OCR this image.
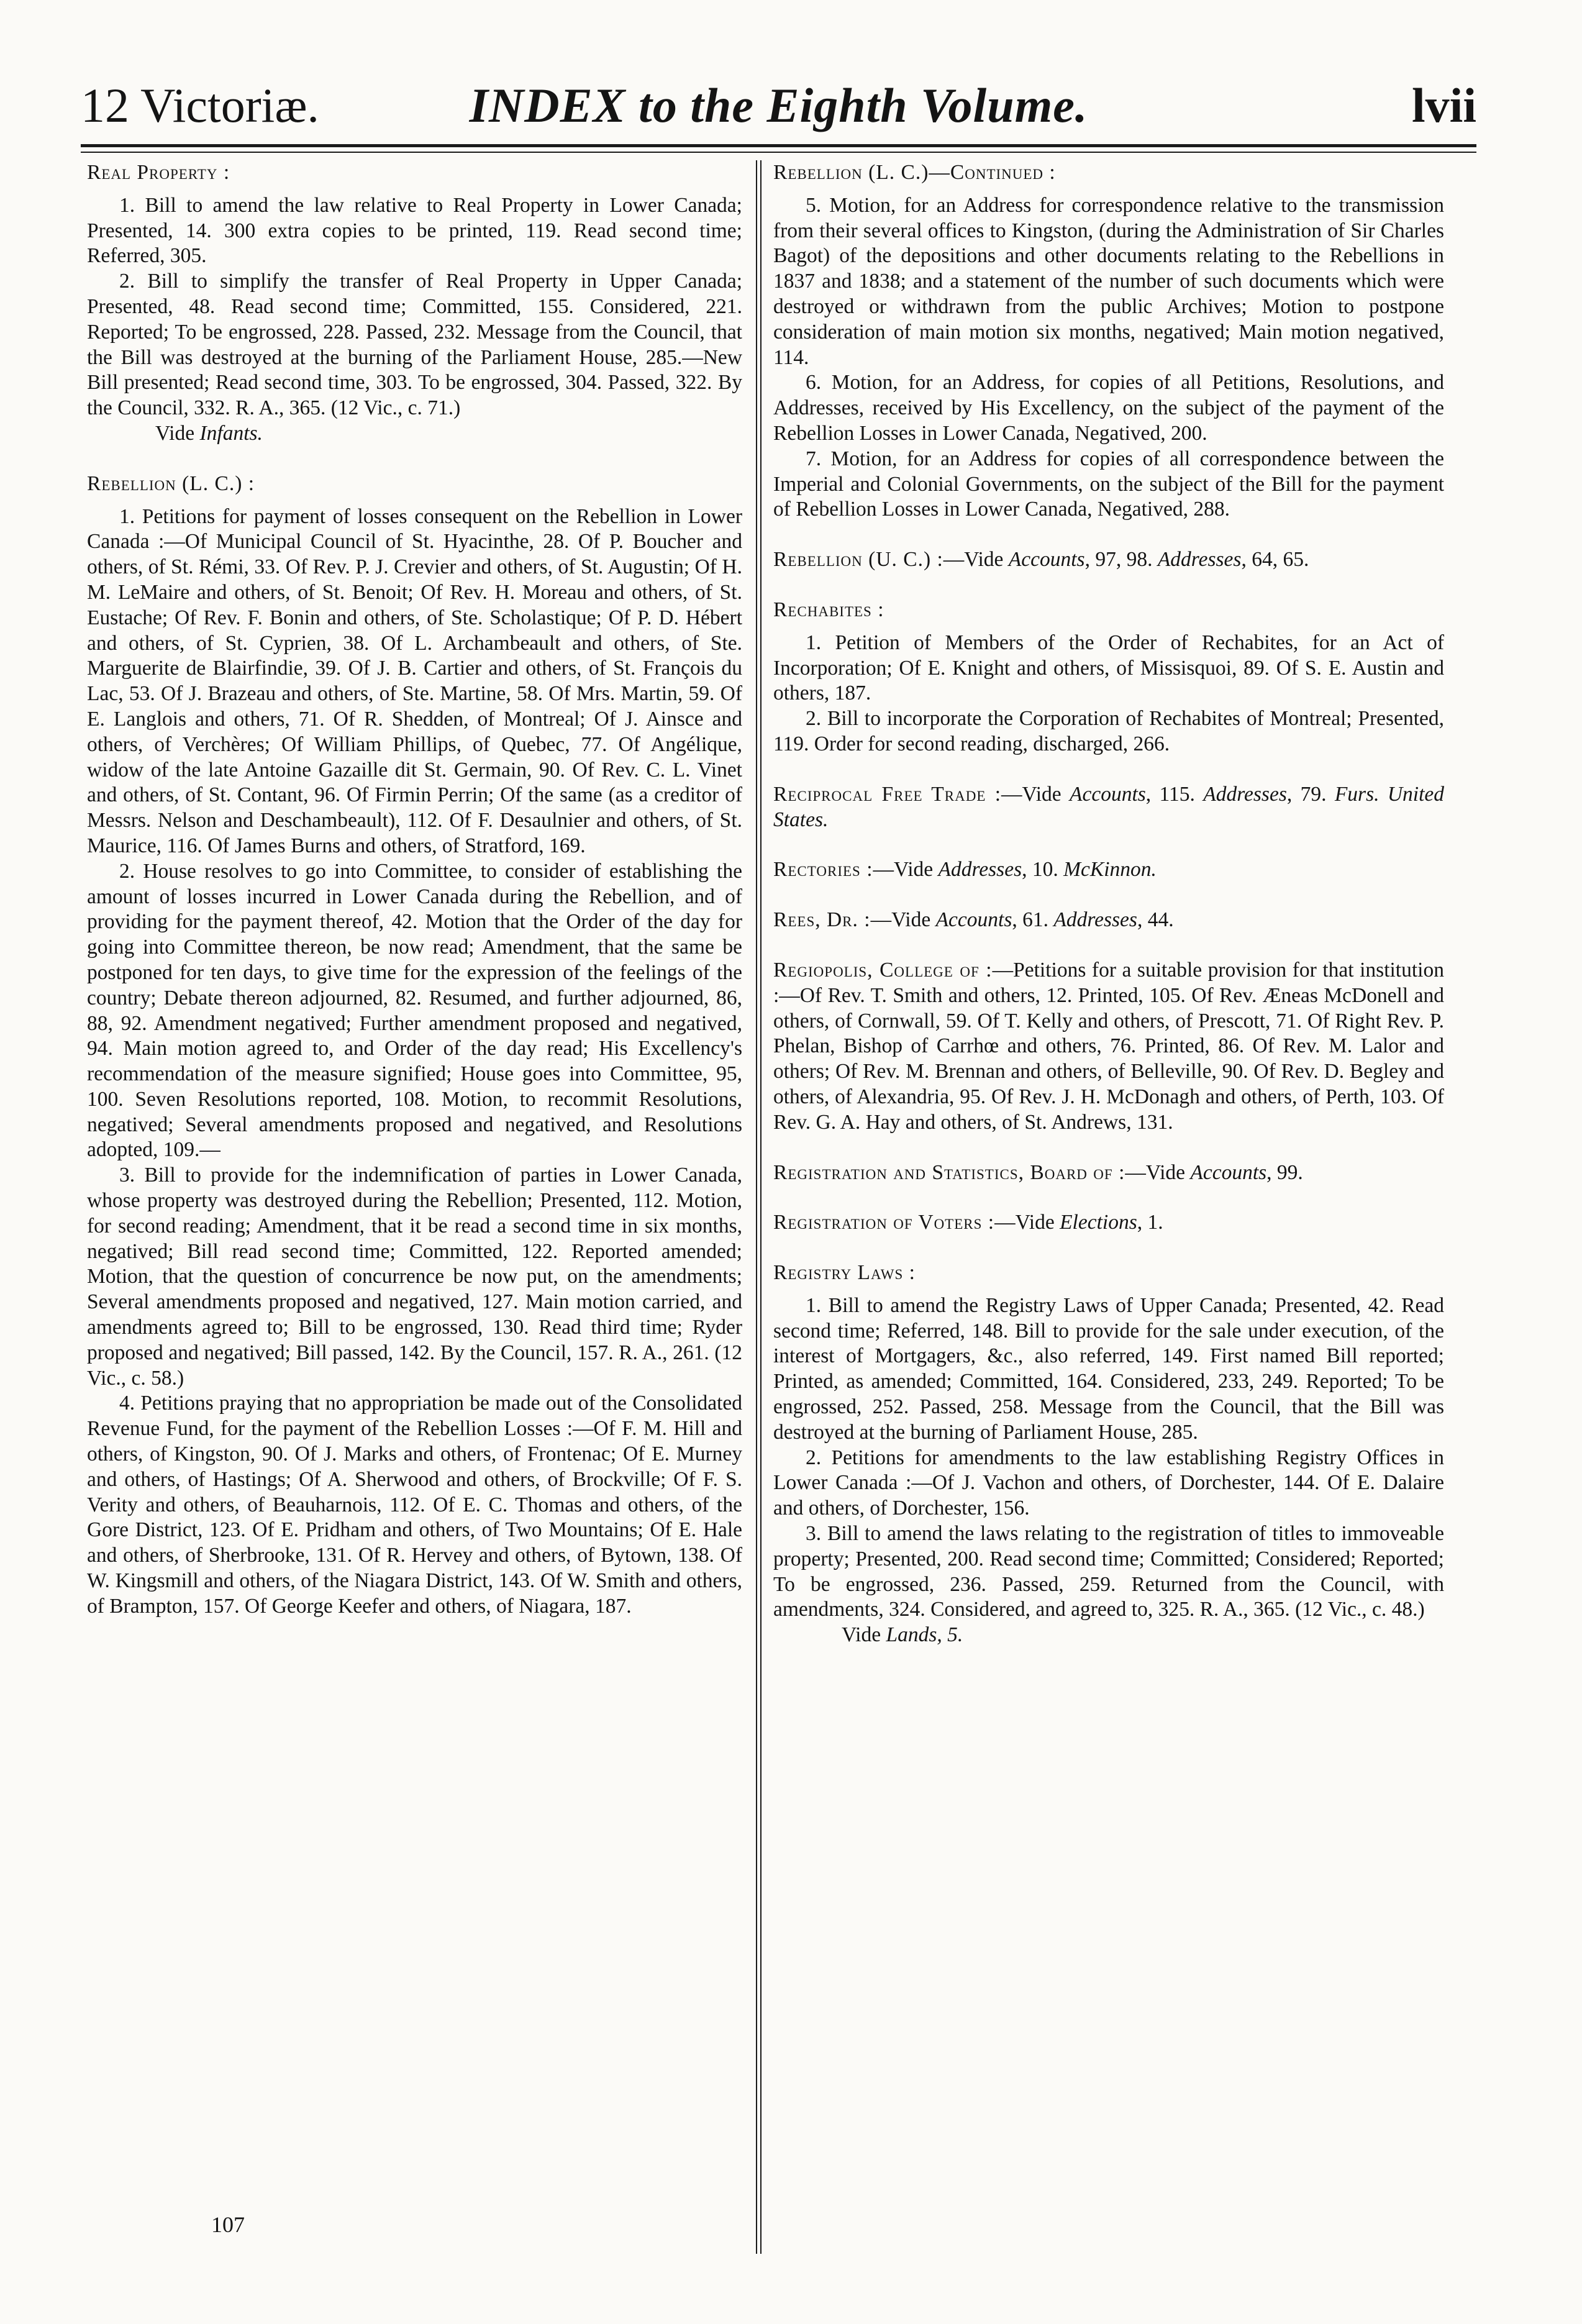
12 Victoriæ.	INDEX to the Eighth Volume.	lvii

Real Property :

1. Bill to amend the law relative to Real Property in Lower Canada; Presented, 14. 300 extra copies to be printed, 119. Read second time; Referred, 305.

2. Bill to simplify the transfer of Real Property in Upper Canada; Presented, 48. Read second time; Committed, 155. Considered, 221. Reported; To be engrossed, 228. Passed, 232. Message from the Council, that the Bill was destroyed at the burning of the Parliament House, 285.—New Bill presented; Read second time, 303. To be engrossed, 304. Passed, 322. By the Council, 332. R. A., 365. (12 Vic., c. 71.)

Vide Infants.

Rebellion (L. C.) :

1. Petitions for payment of losses consequent on the Rebellion in Lower Canada :—Of Municipal Council of St. Hyacinthe, 28. Of P. Boucher and others, of St. Rémi, 33. Of Rev. P. J. Crevier and others, of St. Augustin; Of H. M. LeMaire and others, of St. Benoit; Of Rev. H. Moreau and others, of St. Eustache; Of Rev. F. Bonin and others, of Ste. Scholastique; Of P. D. Hébert and others, of St. Cyprien, 38. Of L. Archambeault and others, of Ste. Marguerite de Blairfindie, 39. Of J. B. Cartier and others, of St. François du Lac, 53. Of J. Brazeau and others, of Ste. Martine, 58. Of Mrs. Martin, 59. Of E. Langlois and others, 71. Of R. Shedden, of Montreal; Of J. Ainsce and others, of Verchères; Of William Phillips, of Quebec, 77. Of Angélique, widow of the late Antoine Gazaille dit St. Germain, 90. Of Rev. C. L. Vinet and others, of St. Contant, 96. Of Firmin Perrin; Of the same (as a creditor of Messrs. Nelson and Deschambeault), 112. Of F. Desaulnier and others, of St. Maurice, 116. Of James Burns and others, of Stratford, 169.

2. House resolves to go into Committee, to consider of establishing the amount of losses incurred in Lower Canada during the Rebellion, and of providing for the payment thereof, 42. Motion that the Order of the day for going into Committee thereon, be now read; Amendment, that the same be postponed for ten days, to give time for the expression of the feelings of the country; Debate thereon adjourned, 82. Resumed, and further adjourned, 86, 88, 92. Amendment negatived; Further amendment proposed and negatived, 94. Main motion agreed to, and Order of the day read; His Excellency's recommendation of the measure signified; House goes into Committee, 95, 100. Seven Resolutions reported, 108. Motion, to recommit Resolutions, negatived; Several amendments proposed and negatived, and Resolutions adopted, 109.—

3. Bill to provide for the indemnification of parties in Lower Canada, whose property was destroyed during the Rebellion; Presented, 112. Motion, for second reading; Amendment, that it be read a second time in six months, negatived; Bill read second time; Committed, 122. Reported amended; Motion, that the question of concurrence be now put, on the amendments; Several amendments proposed and negatived, 127. Main motion carried, and amendments agreed to; Bill to be engrossed, 130. Read third time; Ryder proposed and negatived; Bill passed, 142. By the Council, 157. R. A., 261. (12 Vic., c. 58.)

4. Petitions praying that no appropriation be made out of the Consolidated Revenue Fund, for the payment of the Rebellion Losses :—Of F. M. Hill and others, of Kingston, 90. Of J. Marks and others, of Frontenac; Of E. Murney and others, of Hastings; Of A. Sherwood and others, of Brockville; Of F. S. Verity and others, of Beauharnois, 112. Of E. C. Thomas and others, of the Gore District, 123. Of E. Pridham and others, of Two Mountains; Of E. Hale and others, of Sherbrooke, 131. Of R. Hervey and others, of Bytown, 138. Of W. Kingsmill and others, of the Niagara District, 143. Of W. Smith and others, of Brampton, 157. Of George Keefer and others, of Niagara, 187.

107

Rebellion (L. C.)—Continued :

5. Motion, for an Address for correspondence relative to the transmission from their several offices to Kingston, (during the Administration of Sir Charles Bagot) of the depositions and other documents relating to the Rebellions in 1837 and 1838; and a statement of the number of such documents which were destroyed or withdrawn from the public Archives; Motion to postpone consideration of main motion six months, negatived; Main motion negatived, 114.

6. Motion, for an Address, for copies of all Petitions, Resolutions, and Addresses, received by His Excellency, on the subject of the payment of the Rebellion Losses in Lower Canada, Negatived, 200.

7. Motion, for an Address for copies of all correspondence between the Imperial and Colonial Governments, on the subject of the Bill for the payment of Rebellion Losses in Lower Canada, Negatived, 288.

Rebellion (U. C.) :—Vide Accounts, 97, 98. Addresses, 64, 65.

Rechabites :

1. Petition of Members of the Order of Rechabites, for an Act of Incorporation; Of E. Knight and others, of Missisquoi, 89. Of S. E. Austin and others, 187.

2. Bill to incorporate the Corporation of Rechabites of Montreal; Presented, 119. Order for second reading, discharged, 266.

Reciprocal Free Trade :—Vide Accounts, 115. Addresses, 79. Furs. United States.

Rectories :—Vide Addresses, 10. McKinnon.

Rees, Dr. :—Vide Accounts, 61. Addresses, 44.

Regiopolis, College of :—Petitions for a suitable provision for that institution :—Of Rev. T. Smith and others, 12. Printed, 105. Of Rev. Æneas McDonell and others, of Cornwall, 59. Of T. Kelly and others, of Prescott, 71. Of Right Rev. P. Phelan, Bishop of Carrhœ and others, 76. Printed, 86. Of Rev. M. Lalor and others; Of Rev. M. Brennan and others, of Belleville, 90. Of Rev. D. Begley and others, of Alexandria, 95. Of Rev. J. H. McDonagh and others, of Perth, 103. Of Rev. G. A. Hay and others, of St. Andrews, 131.

Registration and Statistics, Board of :—Vide Accounts, 99.

Registration of Voters :—Vide Elections, 1.

Registry Laws :

1. Bill to amend the Registry Laws of Upper Canada; Presented, 42. Read second time; Referred, 148. Bill to provide for the sale under execution, of the interest of Mortgagers, &c., also referred, 149. First named Bill reported; Printed, as amended; Committed, 164. Considered, 233, 249. Reported; To be engrossed, 252. Passed, 258. Message from the Council, that the Bill was destroyed at the burning of Parliament House, 285.

2. Petitions for amendments to the law establishing Registry Offices in Lower Canada :—Of J. Vachon and others, of Dorchester, 144. Of E. Dalaire and others, of Dorchester, 156.

3. Bill to amend the laws relating to the registration of titles to immoveable property; Presented, 200. Read second time; Committed; Considered; Reported; To be engrossed, 236. Passed, 259. Returned from the Council, with amendments, 324. Considered, and agreed to, 325. R. A., 365. (12 Vic., c. 48.)

Vide Lands, 5.
